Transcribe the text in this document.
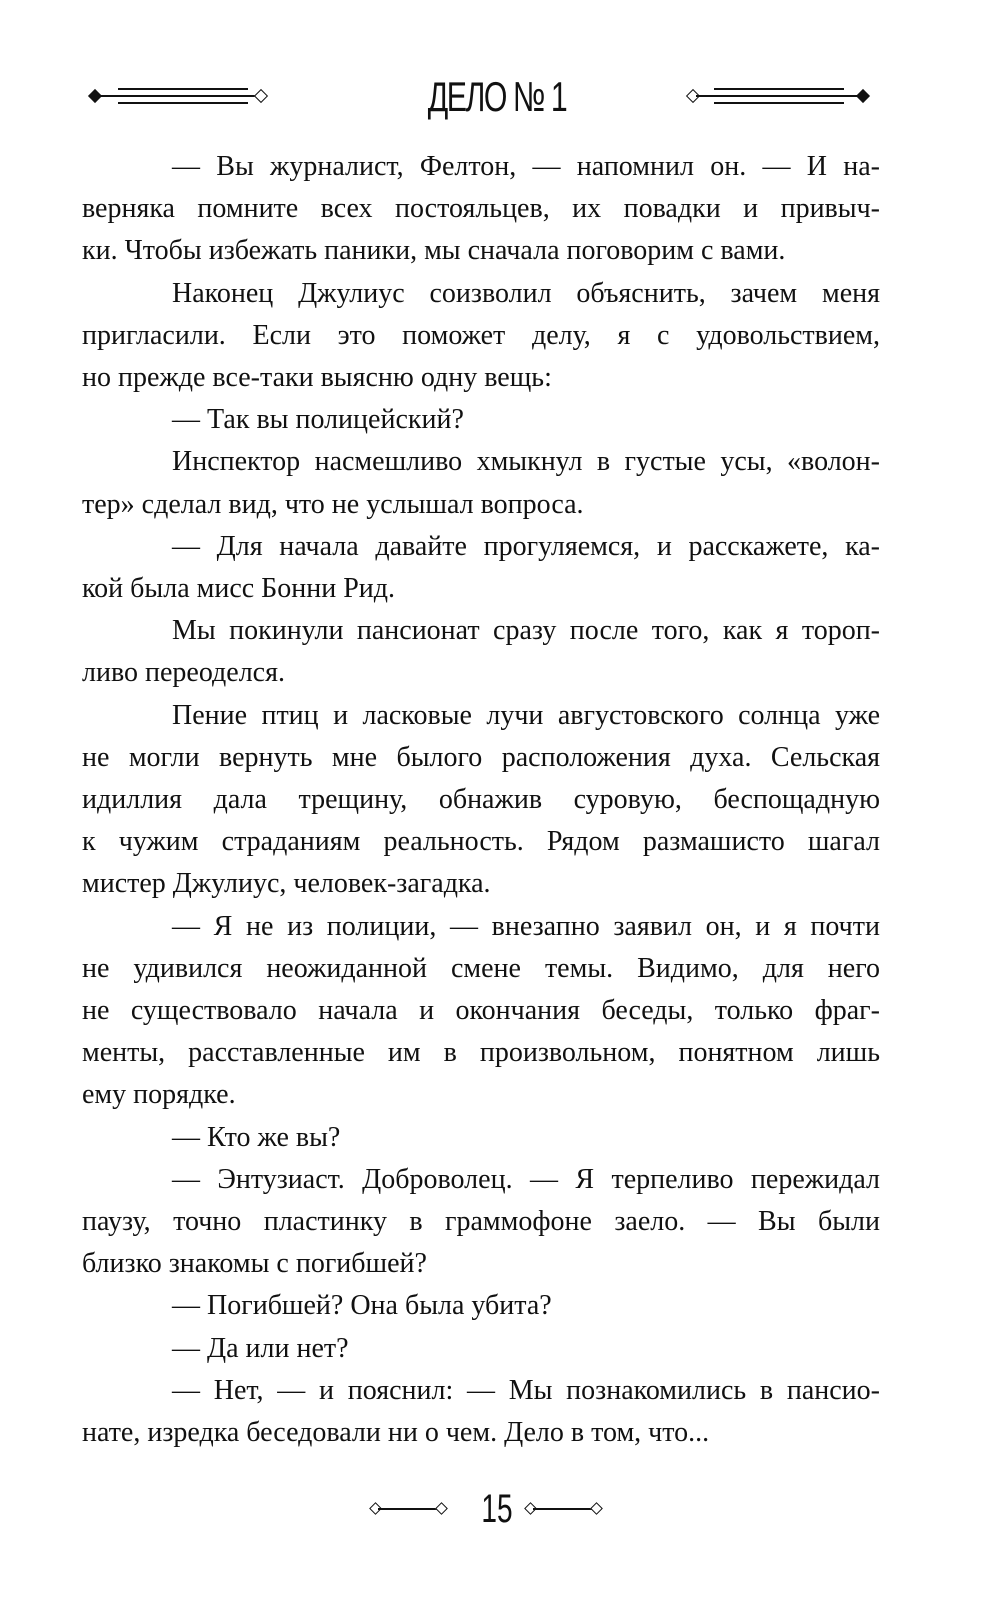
ДЕЛО № 1
— Вы журналист, Фелтон, — напомнил он. — И на-
верняка помните всех постояльцев, их повадки и привыч-
ки. Чтобы избежать паники, мы сначала поговорим с вами.
Наконец Джулиус соизволил объяснить, зачем меня
пригласили. Если это поможет делу, я с удовольствием,
но прежде все-таки выясню одну вещь:
— Так вы полицейский?
Инспектор насмешливо хмыкнул в густые усы, «волон-
тер» сделал вид, что не услышал вопроса.
— Для начала давайте прогуляемся, и расскажете, ка-
кой была мисс Бонни Рид.
Мы покинули пансионат сразу после того, как я тороп-
ливо переоделся.
Пение птиц и ласковые лучи августовского солнца уже
не могли вернуть мне былого расположения духа. Сельская
идиллия дала трещину, обнажив суровую, беспощадную
к чужим страданиям реальность. Рядом размашисто шагал
мистер Джулиус, человек-загадка.
— Я не из полиции, — внезапно заявил он, и я почти
не удивился неожиданной смене темы. Видимо, для него
не существовало начала и окончания беседы, только фраг-
менты, расставленные им в произвольном, понятном лишь
ему порядке.
— Кто же вы?
— Энтузиаст. Доброволец. — Я терпеливо пережидал
паузу, точно пластинку в граммофоне заело. — Вы были
близко знакомы с погибшей?
— Погибшей? Она была убита?
— Да или нет?
— Нет, — и пояснил: — Мы познакомились в пансио-
нате, изредка беседовали ни о чем. Дело в том, что...
15
